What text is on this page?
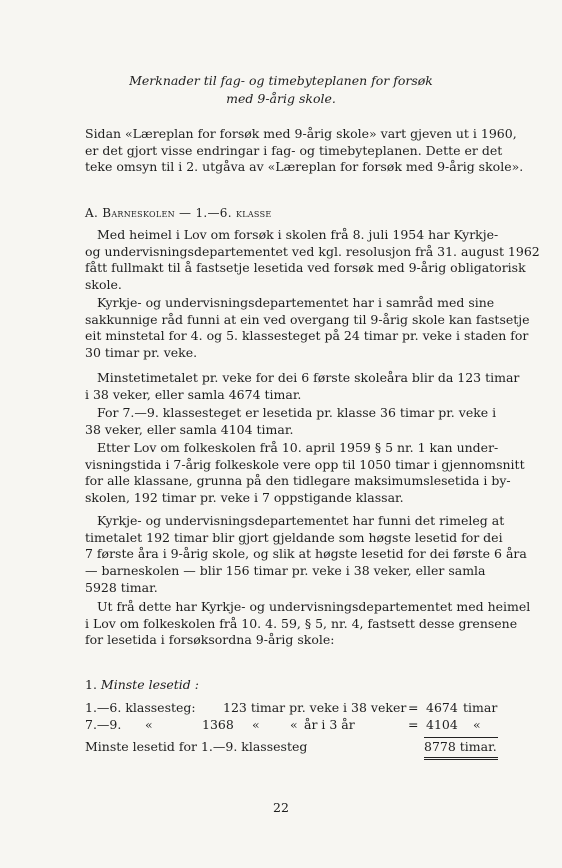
Merknader til fag- og timebyteplanen for forsøk
med 9-årig skole.
Sidan «Læreplan for forsøk med 9-årig skole» vart gjeven ut i 1960,
er det gjort visse endringar i fag- og timebyteplanen. Dette er det
teke omsyn til i 2. utgåva av «Læreplan for forsøk med 9-årig skole».
A. Barneskolen — 1.—6. klasse
Med heimel i Lov om forsøk i skolen frå 8. juli 1954 har Kyrkje-
og undervisningsdepartementet ved kgl. resolusjon frå 31. august 1962
fått fullmakt til å fastsetje lesetida ved forsøk med 9-årig obligatorisk
skole.
Kyrkje- og undervisningsdepartementet har i samråd med sine
sakkunnige råd funni at ein ved overgang til 9-årig skole kan fastsetje
eit minstetal for 4. og 5. klassesteget på 24 timar pr. veke i staden for
30 timar pr. veke.
Minstetimetalet pr. veke for dei 6 første skoleåra blir da 123 timar
i 38 veker, eller samla 4674 timar.
For 7.—9. klassesteget er lesetida pr. klasse 36 timar pr. veke i
38 veker, eller samla 4104 timar.
Etter Lov om folkeskolen frå 10. april 1959 § 5 nr. 1 kan under-
visningstida i 7-årig folkeskole vere opp til 1050 timar i gjennomsnitt
for alle klassane, grunna på den tidlegare maksimumslesetida i by-
skolen, 192 timar pr. veke i 7 oppstigande klassar.
Kyrkje- og undervisningsdepartementet har funni det rimeleg at
timetalet 192 timar blir gjort gjeldande som høgste lesetid for dei
7 første åra i 9-årig skole, og slik at høgste lesetid for dei første 6 åra
— barneskolen — blir 156 timar pr. veke i 38 veker, eller samla
5928 timar.
Ut frå dette har Kyrkje- og undervisningsdepartementet med heimel
i Lov om folkeskolen frå 10. 4. 59, § 5, nr. 4, fastsett desse grensene
for lesetida i forsøksordna 9-årig skole:
1. Minste lesetid :
1.—6. klassesteg: 123 timar pr. veke i 38 veker = 4674 timar
7.—9. «	1368 « « år i 3 år	= 4104 «
Minste lesetid for 1.—9. klassesteg	8778 timar.
22
